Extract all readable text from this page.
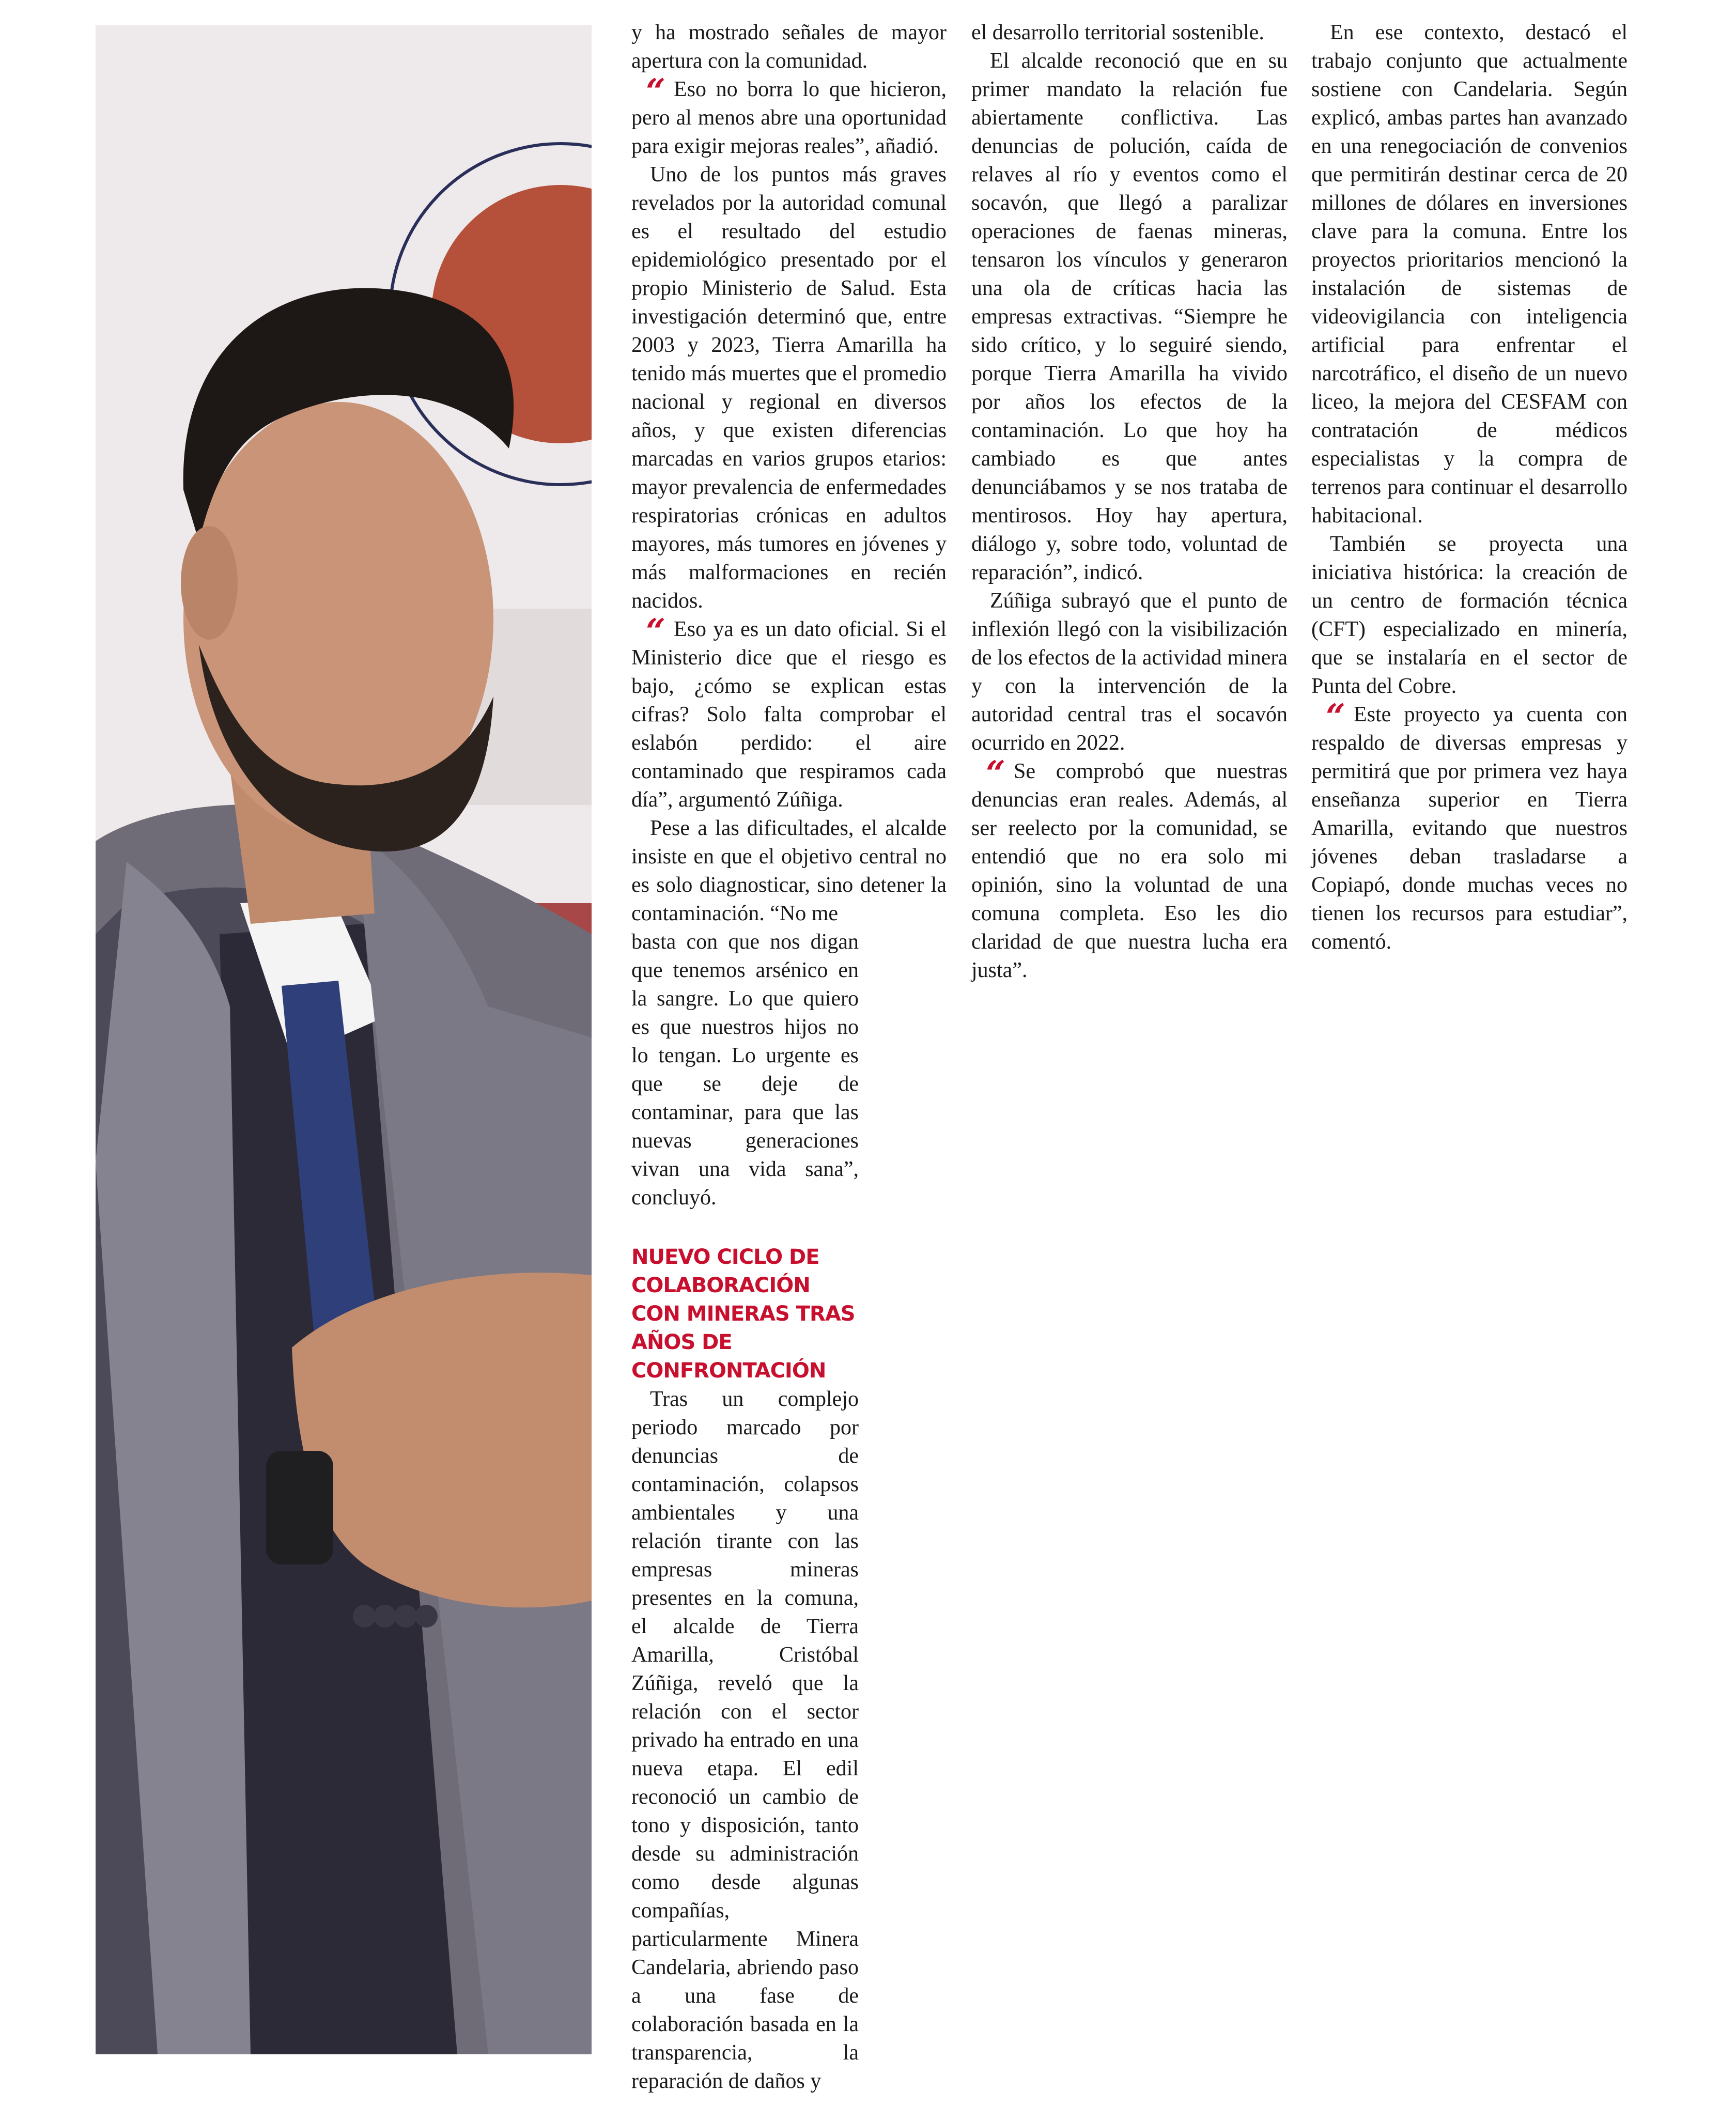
y ha mostrado señales de mayor apertura con la comunidad.

“ Eso no borra lo que hicieron, pero al menos abre una oportunidad para exigir mejoras reales”, añadió.

Uno de los puntos más graves revelados por la autoridad comunal es el resultado del estudio epidemiológico presentado por el propio Ministerio de Salud. Esta investigación determinó que, entre 2003 y 2023, Tierra Amarilla ha tenido más muertes que el promedio nacional y regional en diversos años, y que existen diferencias marcadas en varios grupos etarios: mayor prevalencia de enfermedades respiratorias crónicas en adultos mayores, más tumores en jóvenes y más malformaciones en recién nacidos.

“ Eso ya es un dato oficial. Si el Ministerio dice que el riesgo es bajo, ¿cómo se explican estas cifras? Solo falta comprobar el eslabón perdido: el aire contaminado que respiramos cada día”, argumentó Zúñiga.

Pese a las dificultades, el alcalde insiste en que el objetivo central no es solo diagnosticar, sino detener la contaminación. “No me

basta con que nos digan que tenemos arsénico en la sangre. Lo que quiero es que nuestros hijos no lo tengan. Lo urgente es que se deje de contaminar, para que las nuevas generaciones vivan una vida sana”, concluyó.

NUEVO CICLO DE COLABORACIÓN CON MINERAS TRAS AÑOS DE CONFRONTACIÓN

Tras un complejo periodo marcado por denuncias de contaminación, colapsos ambientales y una relación tirante con las empresas mineras presentes en la comuna, el alcalde de Tierra Amarilla, Cristóbal Zúñiga, reveló que la relación con el sector privado ha entrado en una nueva etapa. El edil reconoció un cambio de tono y disposición, tanto desde su administración como desde algunas compañías, particularmente Minera Candelaria, abriendo paso a una fase de colaboración basada en la transparencia, la reparación de daños y

el desarrollo territorial sostenible.

El alcalde reconoció que en su primer mandato la relación fue abiertamente conflictiva. Las denuncias de polución, caída de relaves al río y eventos como el socavón, que llegó a paralizar operaciones de faenas mineras, tensaron los vínculos y generaron una ola de críticas hacia las empresas extractivas. “Siempre he sido crítico, y lo seguiré siendo, porque Tierra Amarilla ha vivido por años los efectos de la contaminación. Lo que hoy ha cambiado es que antes denunciábamos y se nos trataba de mentirosos. Hoy hay apertura, diálogo y, sobre todo, voluntad de reparación”, indicó.

Zúñiga subrayó que el punto de inflexión llegó con la visibilización de los efectos de la actividad minera y con la intervención de la autoridad central tras el socavón ocurrido en 2022.

“ Se comprobó que nuestras denuncias eran reales. Además, al ser reelecto por la comunidad, se entendió que no era solo mi opinión, sino la voluntad de una comuna completa. Eso les dio claridad de que nuestra lucha era justa”.

En ese contexto, destacó el trabajo conjunto que actualmente sostiene con Candelaria. Según explicó, ambas partes han avanzado en una renegociación de convenios que permitirán destinar cerca de 20 millones de dólares en inversiones clave para la comuna. Entre los proyectos prioritarios mencionó la instalación de sistemas de videovigilancia con inteligencia artificial para enfrentar el narcotráfico, el diseño de un nuevo liceo, la mejora del CESFAM con contratación de médicos especialistas y la compra de terrenos para continuar el desarrollo habitacional.

También se proyecta una iniciativa histórica: la creación de un centro de formación técnica (CFT) especializado en minería, que se instalaría en el sector de Punta del Cobre.

“ Este proyecto ya cuenta con respaldo de diversas empresas y permitirá que por primera vez haya enseñanza superior en Tierra Amarilla, evitando que nuestros jóvenes deban trasladarse a Copiapó, donde muchas veces no tienen los recursos para estudiar”, comentó.
